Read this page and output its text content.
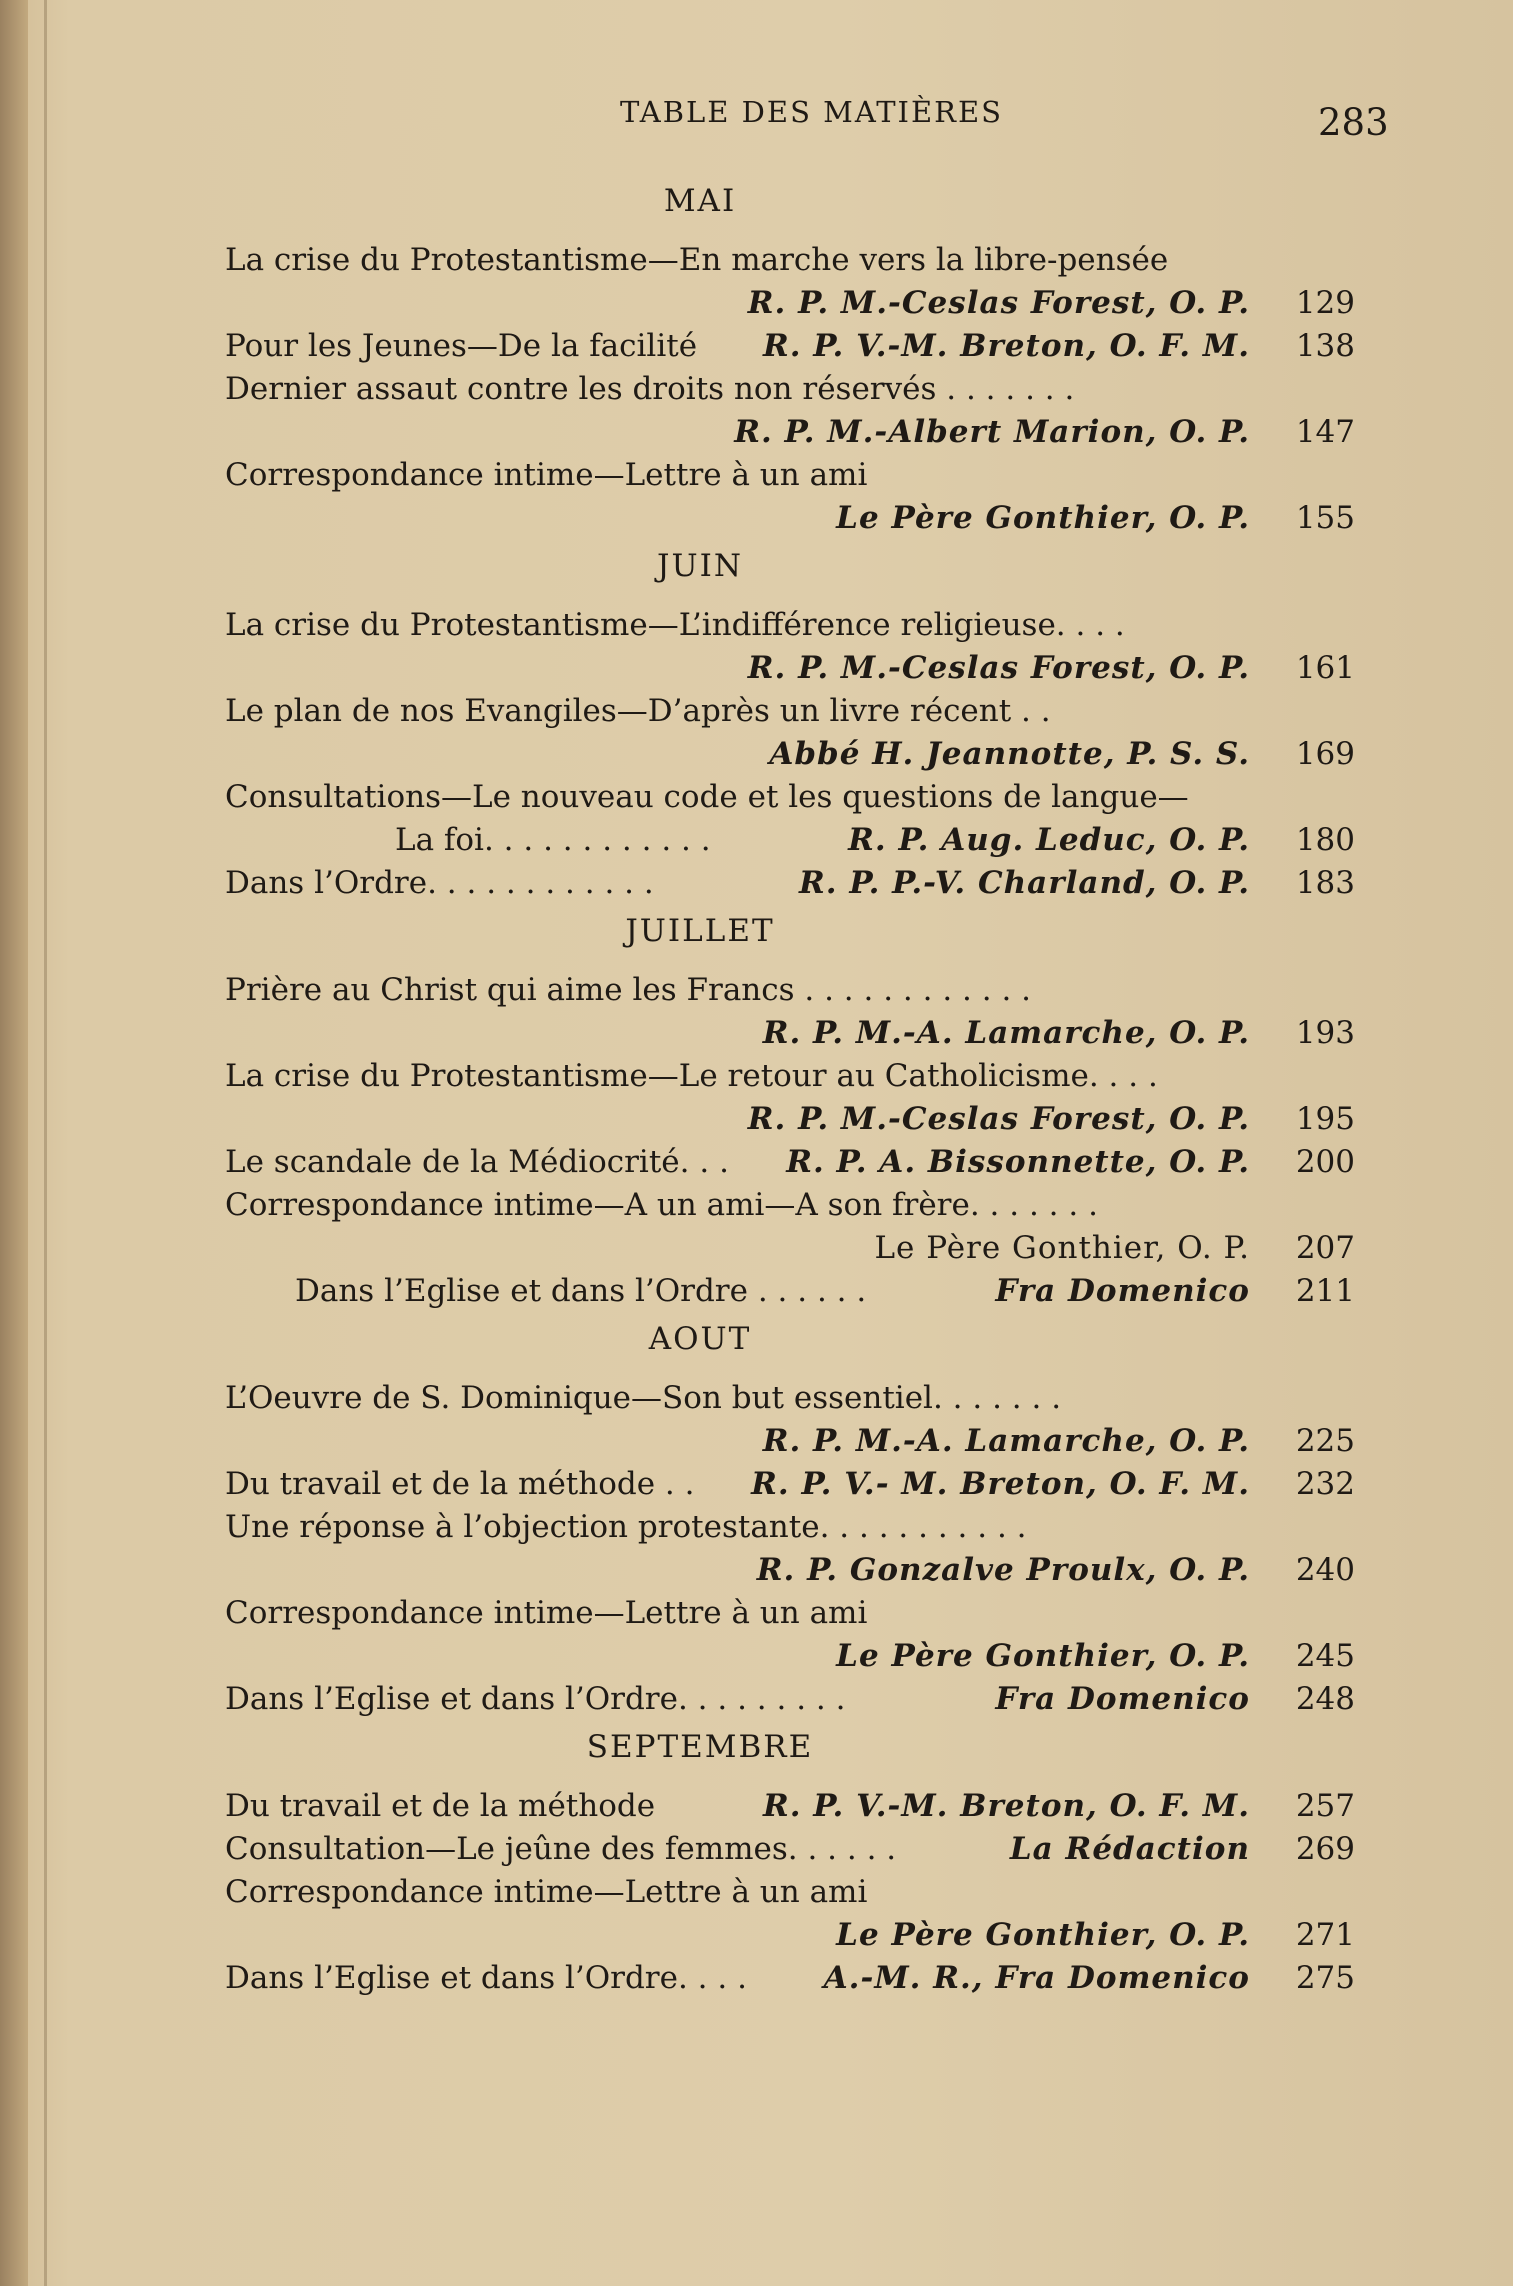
TABLE DES MATIÈRES	283
MAI
La crise du Protestantisme—En marche vers la libre-pensée
R. P. M.-Ceslas Forest, O. P.	129
Pour les Jeunes—De la facilité R. P. V.-M. Breton, O. F. M.	138
Dernier assaut contre les droits non réservés . . . . . . .
R. P. M.-Albert Marion, O. P.	147
Correspondance intime—Lettre à un ami
Le Père Gonthier, O. P.	155
JUIN
La crise du Protestantisme—L’indifférence religieuse. . . .
R. P. M.-Ceslas Forest, O. P.	161
Le plan de nos Evangiles—D’après un livre récent . .
Abbé H. Jeannotte, P. S. S.	169
Consultations—Le nouveau code et les questions de langue—
La foi. . . . . . . . . . . .	R. P. Aug. Leduc, O. P.	180
Dans l’Ordre. . . . . . . . . . . .	R. P. P.-V. Charland, O. P.	183
JUILLET
Prière au Christ qui aime les Francs . . . . . . . . . . . .
R. P. M.-A. Lamarche, O. P.	193
La crise du Protestantisme—Le retour au Catholicisme. . . .
R. P. M.-Ceslas Forest, O. P.	195
Le scandale de la Médiocrité. . . R. P. A. Bissonnette, O. P.	200
Correspondance intime—A un ami—A son frère. . . . . . .
Le Père Gonthier, O. P.	207
Dans l’Eglise et dans l’Ordre . . . . . .	Fra Domenico	211
AOUT
L’Oeuvre de S. Dominique—Son but essentiel. . . . . . .
R. P. M.-A. Lamarche, O. P.	225
Du travail et de la méthode . . R. P. V.- M. Breton, O. F. M.	232
Une réponse à l’objection protestante. . . . . . . . . . .
R. P. Gonzalve Proulx, O. P.	240
Correspondance intime—Lettre à un ami
Le Père Gonthier, O. P.	245
Dans l’Eglise et dans l’Ordre. . . . . . . . .	Fra Domenico	248
SEPTEMBRE
Du travail et de la méthode	R. P. V.-M. Breton, O. F. M.	257
Consultation—Le jeûne des femmes. . . . . .	La Rédaction	269
Correspondance intime—Lettre à un ami
Le Père Gonthier, O. P.	271
Dans l’Eglise et dans l’Ordre. . . . A.-M. R., Fra Domenico	275
